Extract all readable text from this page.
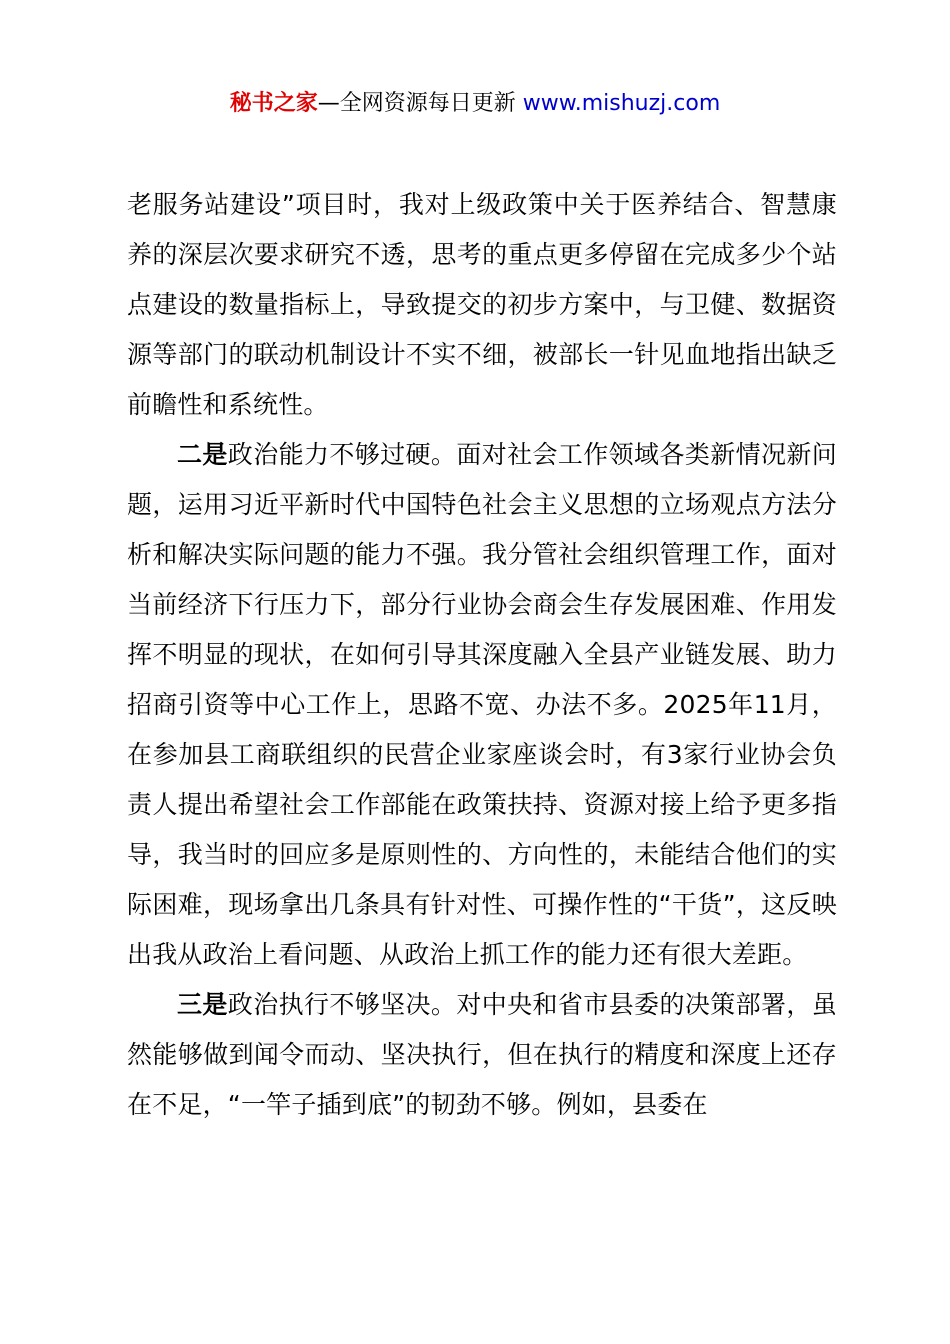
秘书之家—全网资源每日更新 www.mishuzj.com

老服务站建设”项目时，我对上级政策中关于医养结合、智慧康养的深层次要求研究不透，思考的重点更多停留在完成多少个站点建设的数量指标上，导致提交的初步方案中，与卫健、数据资源等部门的联动机制设计不实不细，被部长一针见血地指出缺乏前瞻性和系统性。

二是政治能力不够过硬。面对社会工作领域各类新情况新问题，运用习近平新时代中国特色社会主义思想的立场观点方法分析和解决实际问题的能力不强。我分管社会组织管理工作，面对当前经济下行压力下，部分行业协会商会生存发展困难、作用发挥不明显的现状，在如何引导其深度融入全县产业链发展、助力招商引资等中心工作上，思路不宽、办法不多。2025年11月，在参加县工商联组织的民营企业家座谈会时，有3家行业协会负责人提出希望社会工作部能在政策扶持、资源对接上给予更多指导，我当时的回应多是原则性的、方向性的，未能结合他们的实际困难，现场拿出几条具有针对性、可操作性的“干货”，这反映出我从政治上看问题、从政治上抓工作的能力还有很大差距。

三是政治执行不够坚决。对中央和省市县委的决策部署，虽然能够做到闻令而动、坚决执行，但在执行的精度和深度上还存在不足，“一竿子插到底”的韧劲不够。例如，县委在
